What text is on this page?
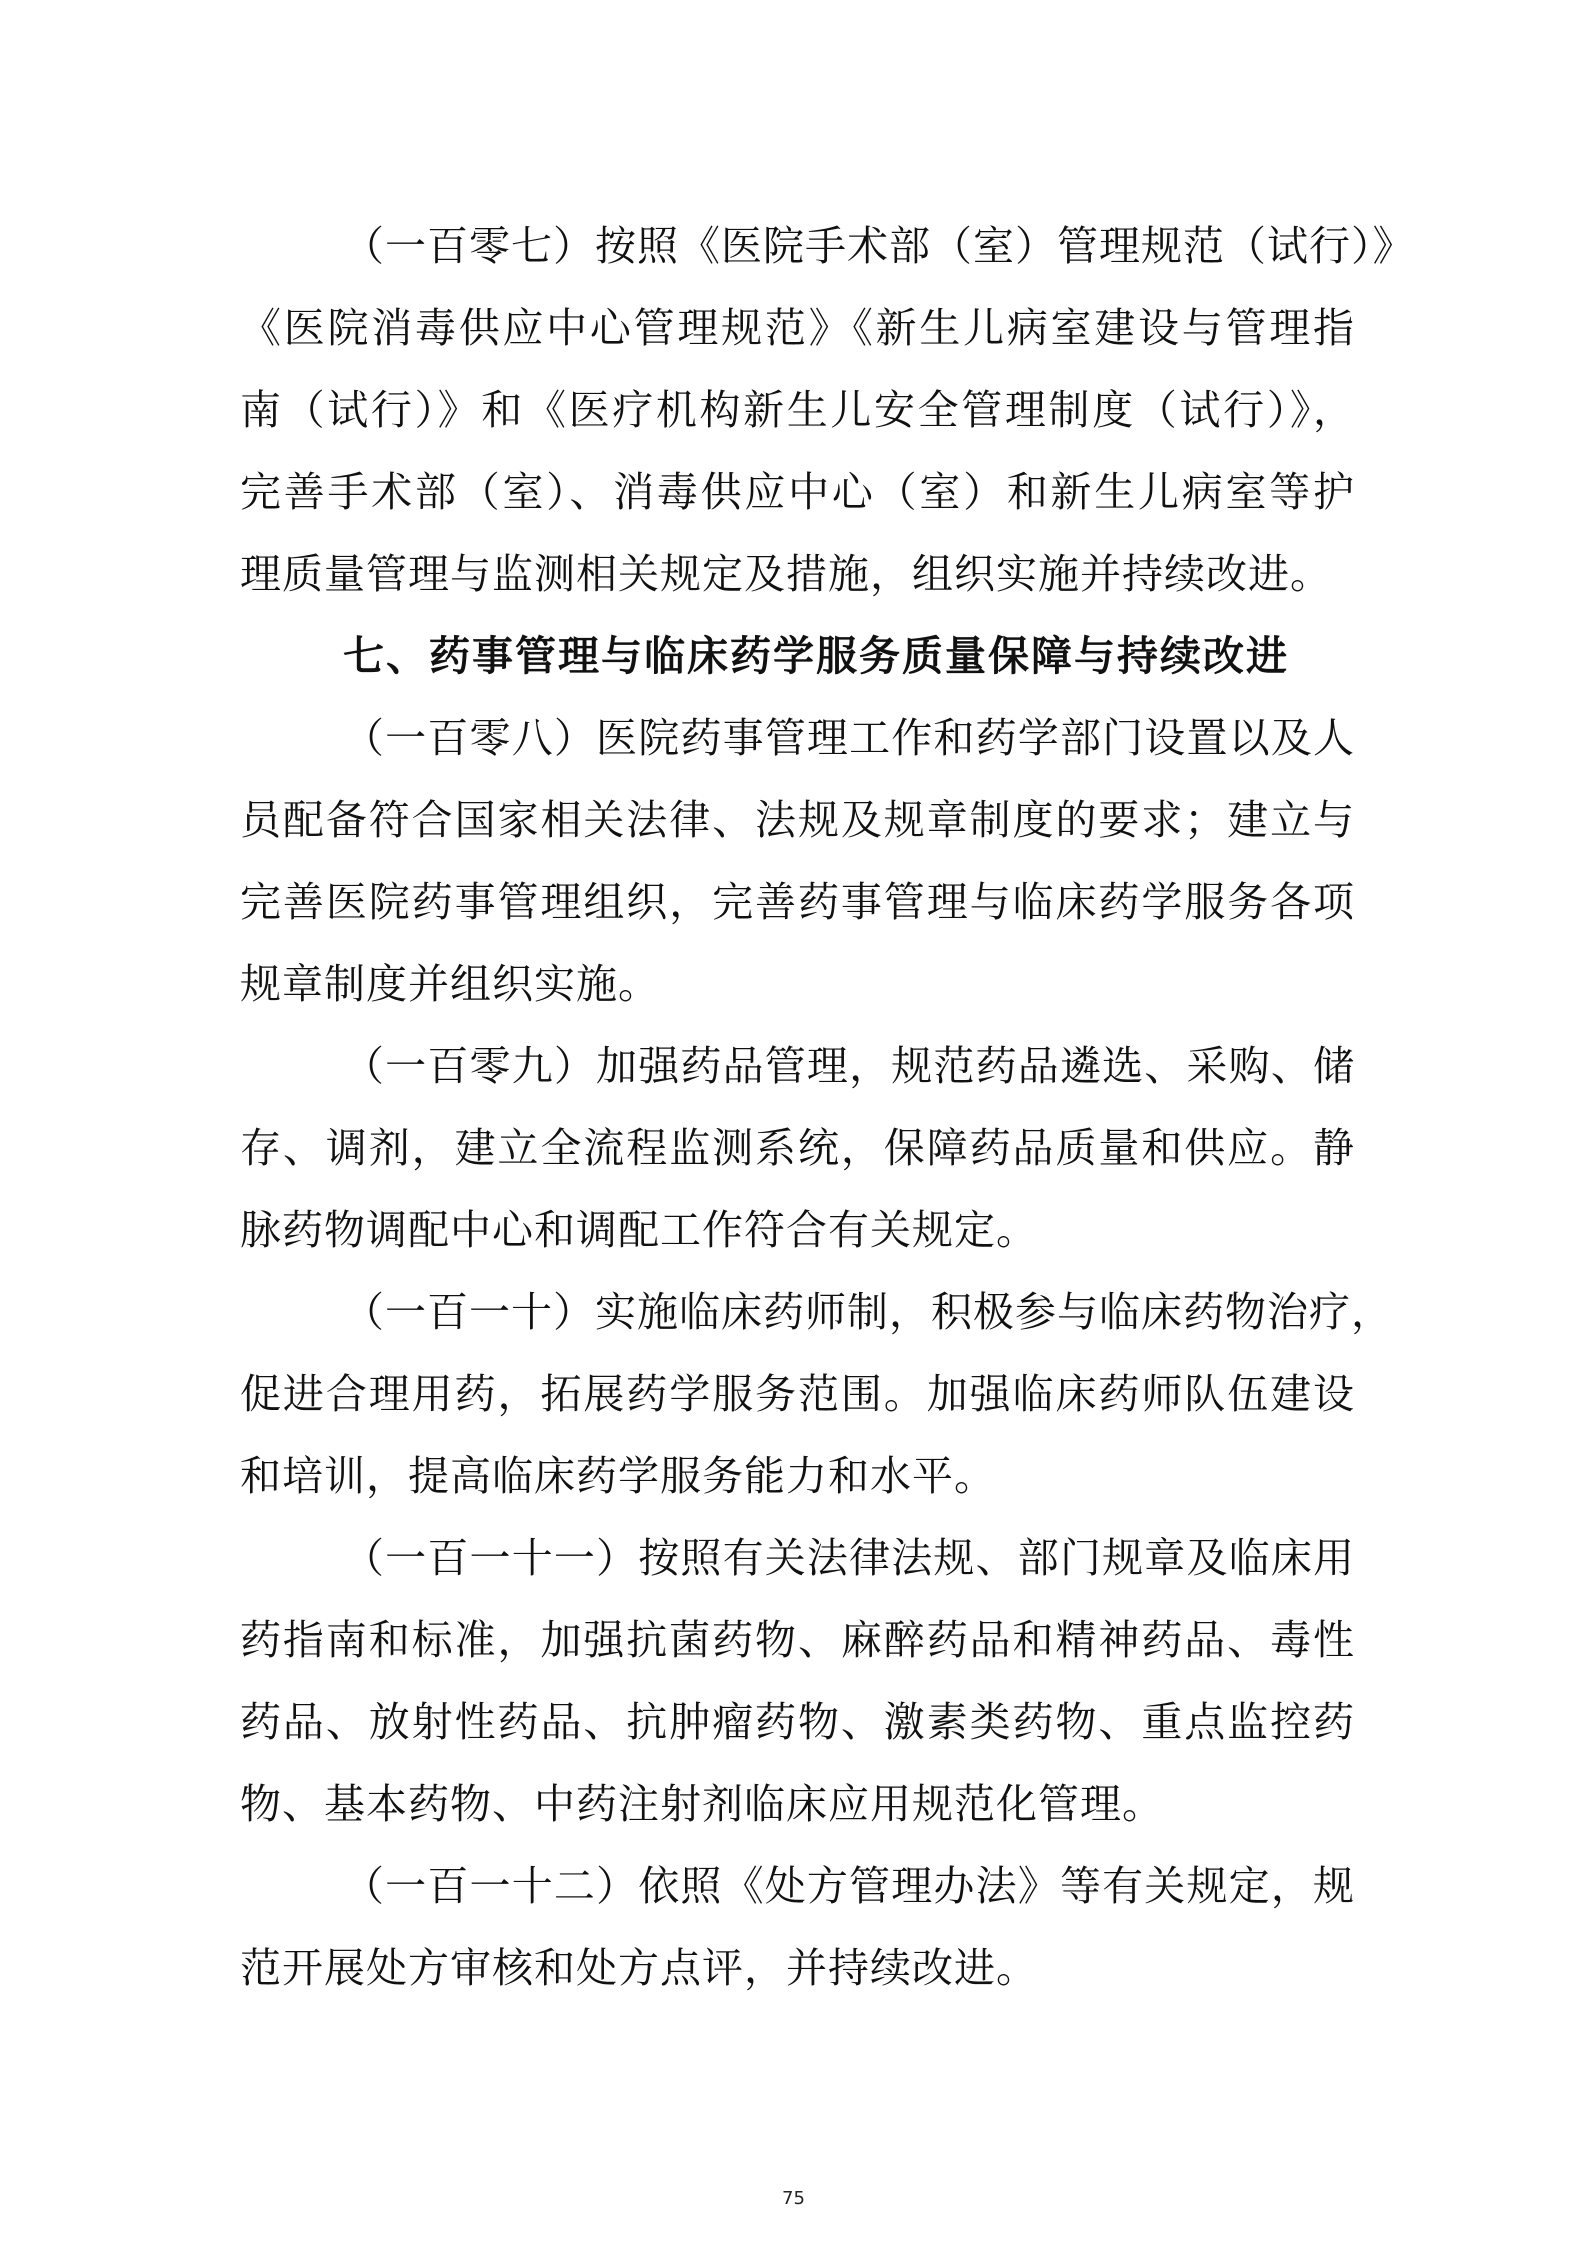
（一百零七）按照《医院手术部（室）管理规范（试行）》
《医院消毒供应中心管理规范》《新生儿病室建设与管理指
南（试行）》和《医疗机构新生儿安全管理制度（试行）》，
完善手术部（室）、消毒供应中心（室）和新生儿病室等护
理质量管理与监测相关规定及措施，组织实施并持续改进。
七、药事管理与临床药学服务质量保障与持续改进
（一百零八）医院药事管理工作和药学部门设置以及人
员配备符合国家相关法律、法规及规章制度的要求；建立与
完善医院药事管理组织，完善药事管理与临床药学服务各项
规章制度并组织实施。
（一百零九）加强药品管理，规范药品遴选、采购、储
存、调剂，建立全流程监测系统，保障药品质量和供应。静
脉药物调配中心和调配工作符合有关规定。
（一百一十）实施临床药师制，积极参与临床药物治疗，
促进合理用药，拓展药学服务范围。加强临床药师队伍建设
和培训，提高临床药学服务能力和水平。
（一百一十一）按照有关法律法规、部门规章及临床用
药指南和标准，加强抗菌药物、麻醉药品和精神药品、毒性
药品、放射性药品、抗肿瘤药物、激素类药物、重点监控药
物、基本药物、中药注射剂临床应用规范化管理。
（一百一十二）依照《处方管理办法》等有关规定，规
范开展处方审核和处方点评，并持续改进。
75
